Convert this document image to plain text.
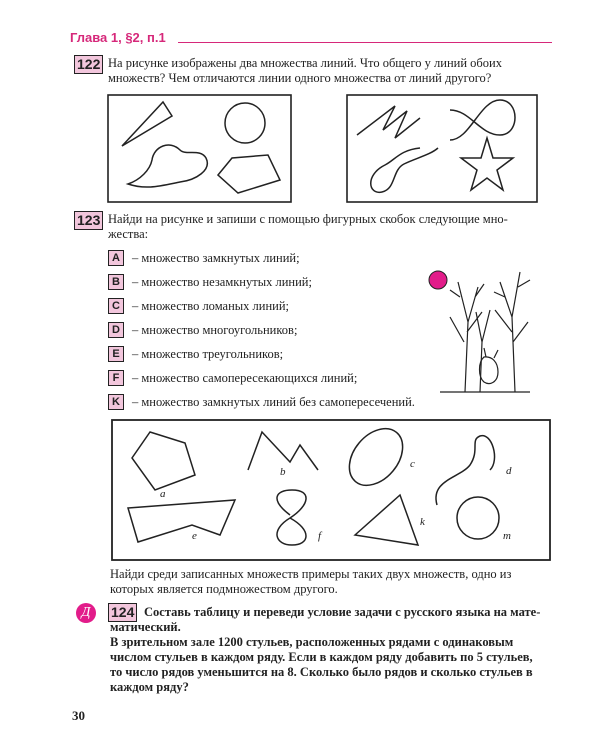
Глава 1, §2, п.1
122 На рисунке изображены два множества линий. Что общего у линий обоих
множеств? Чем отличаются линии одного множества от линий другого?
123 Найди на рисунке и запиши с помощью фигурных скобок следующие мно-
жества:
A – множество замкнутых линий;
B – множество незамкнутых линий;
C – множество ломаных линий;
D – множество многоугольников;
E – множество треугольников;
F	– множество самопересекающихся линий;
K – множество замкнутых линий без самопересечений.
a
b
c
d
e	f
k
m
Найди среди записанных множеств примеры таких двух множеств, одно из
которых является подмножеством другого.
Д	124 Составь таблицу и переведи условие задачи с русского языка на мате-
матический.
В зрительном зале 1200 стульев, расположенных рядами с одинаковым
числом стульев в каждом ряду. Если в каждом ряду добавить по 5 стульев,
то число рядов уменьшится на 8. Сколько было рядов и сколько стульев в
каждом ряду?
30
